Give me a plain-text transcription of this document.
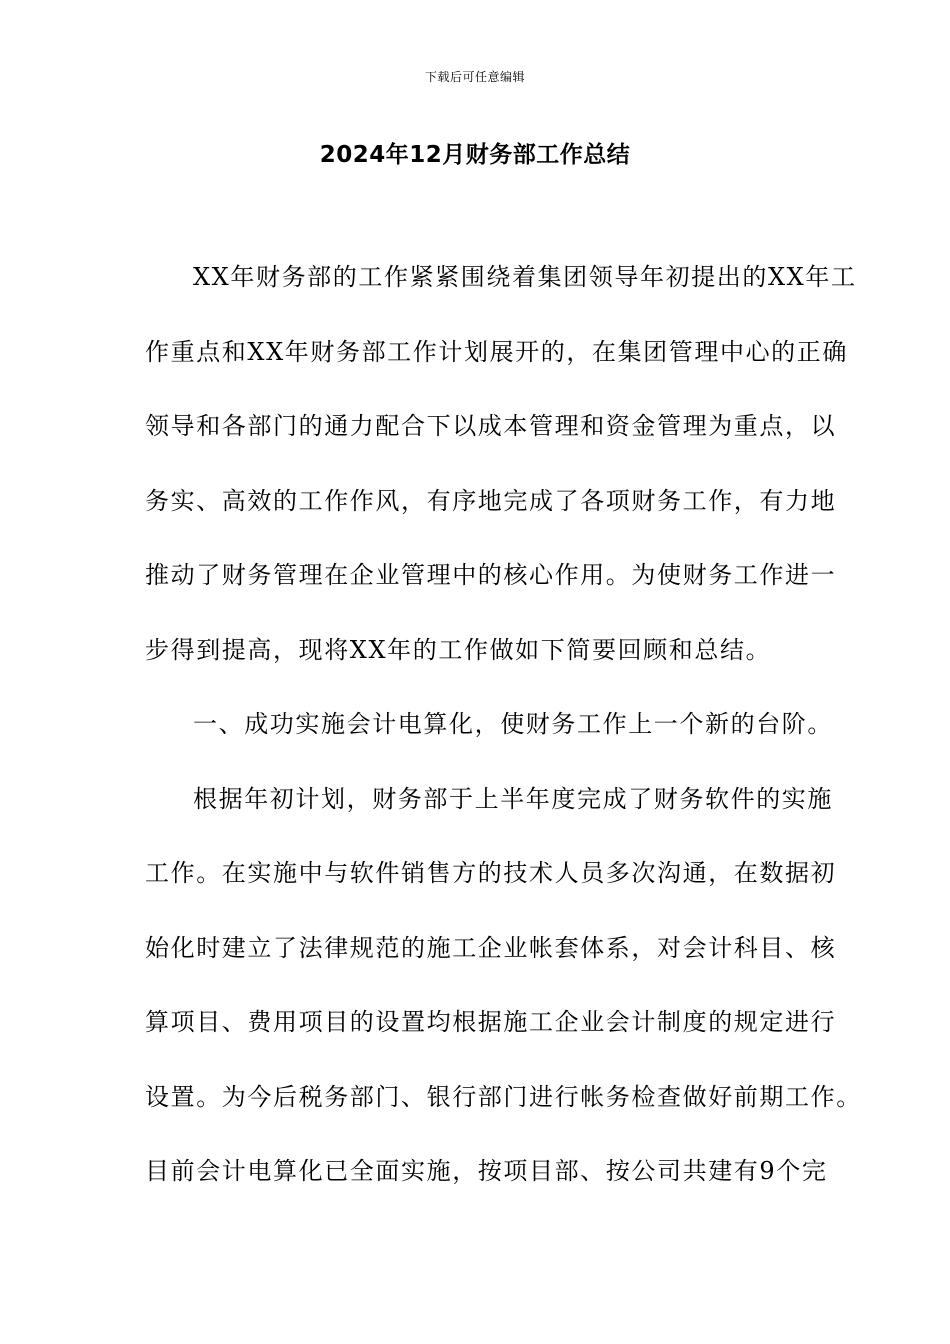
下载后可任意编辑
2024年12月财务部工作总结
XX年财务部的工作紧紧围绕着集团领导年初提出的XX年工
作重点和XX年财务部工作计划展开的，在集团管理中心的正确
领导和各部门的通力配合下以成本管理和资金管理为重点，以
务实、高效的工作作风，有序地完成了各项财务工作，有力地
推动了财务管理在企业管理中的核心作用。为使财务工作进一
步得到提高，现将XX年的工作做如下简要回顾和总结。
一、成功实施会计电算化，使财务工作上一个新的台阶。
根据年初计划，财务部于上半年度完成了财务软件的实施
工作。在实施中与软件销售方的技术人员多次沟通，在数据初
始化时建立了法律规范的施工企业帐套体系，对会计科目、核
算项目、费用项目的设置均根据施工企业会计制度的规定进行
设置。为今后税务部门、银行部门进行帐务检查做好前期工作。
目前会计电算化已全面实施，按项目部、按公司共建有9个完
